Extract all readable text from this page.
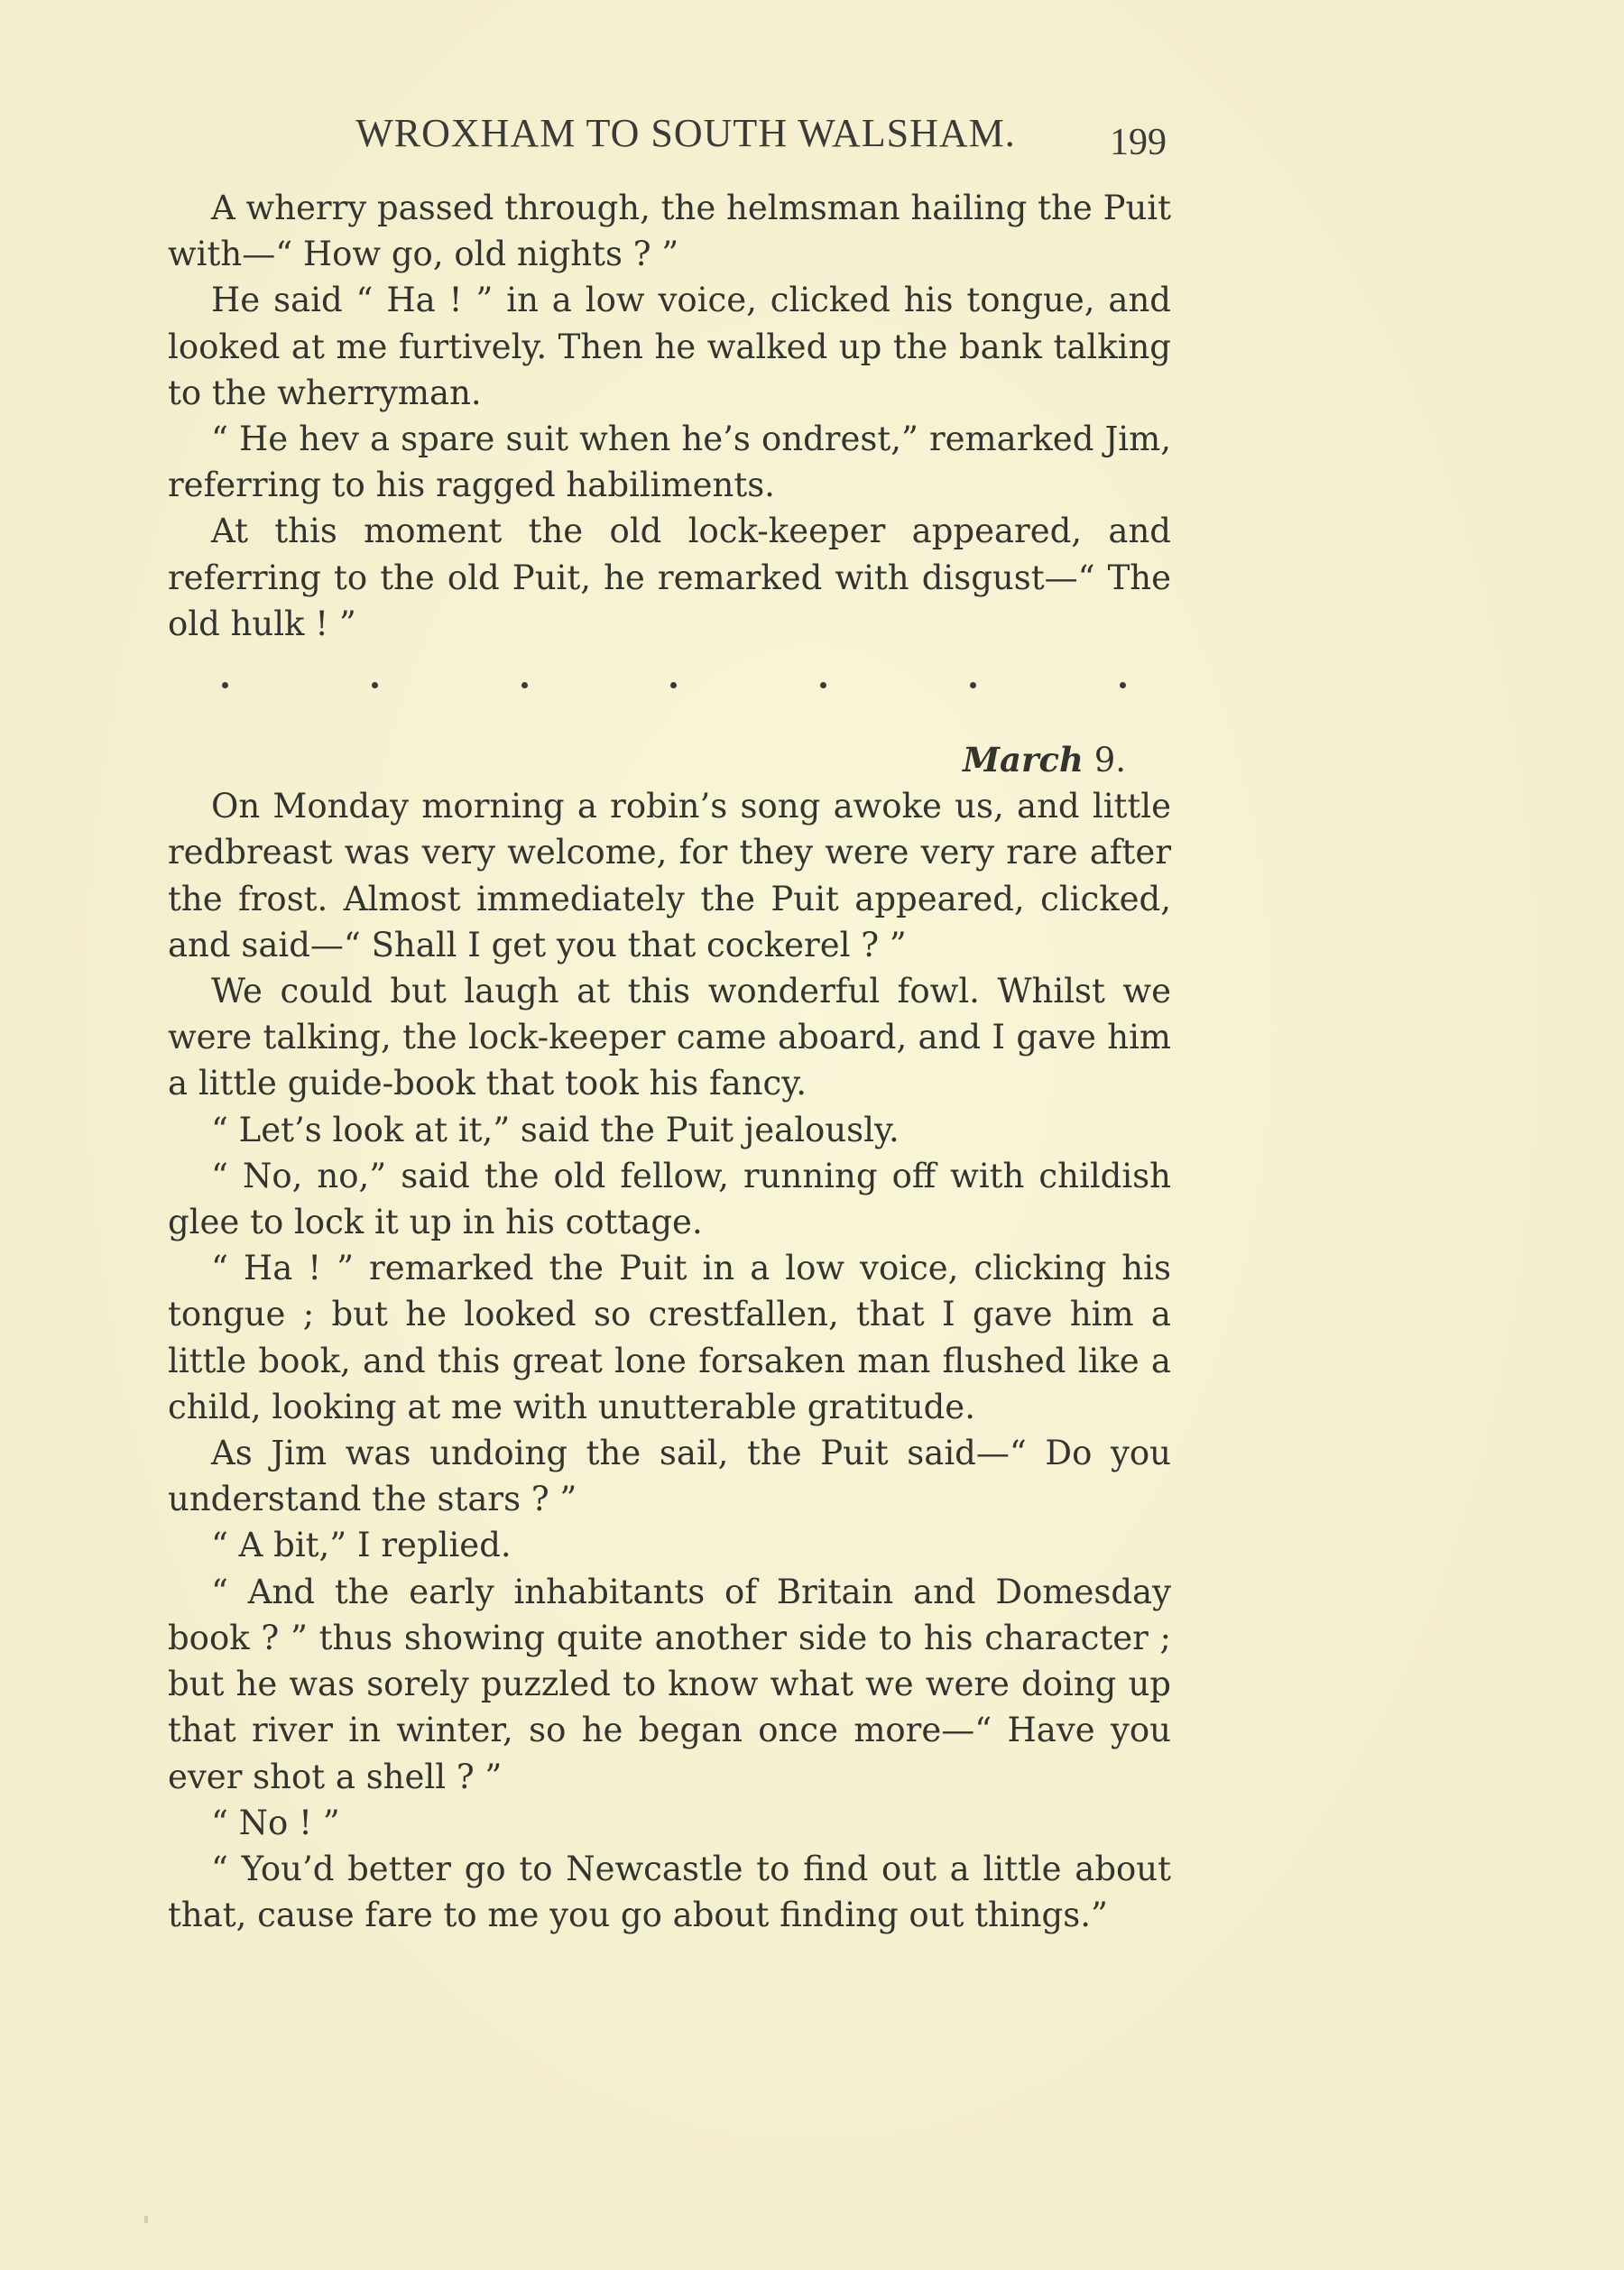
WROXHAM TO SOUTH WALSHAM.	199

A wherry passed through, the helmsman hailing the Puit with—“ How go, old nights ? ”

He said “ Ha ! ” in a low voice, clicked his tongue, and looked at me furtively. Then he walked up the bank talking to the wherryman.

“ He hev a spare suit when he’s ondrest,” remarked Jim, referring to his ragged habiliments.

At this moment the old lock-keeper appeared, and referring to the old Puit, he remarked with disgust—“ The old hulk ! ”

March 9.

On Monday morning a robin’s song awoke us, and little redbreast was very welcome, for they were very rare after the frost. Almost immediately the Puit appeared, clicked, and said—“ Shall I get you that cockerel ? ”

We could but laugh at this wonderful fowl. Whilst we were talking, the lock-keeper came aboard, and I gave him a little guide-book that took his fancy.

“ Let’s look at it,” said the Puit jealously.

“ No, no,” said the old fellow, running off with childish glee to lock it up in his cottage.

“ Ha ! ” remarked the Puit in a low voice, clicking his tongue ; but he looked so crestfallen, that I gave him a little book, and this great lone forsaken man flushed like a child, looking at me with unutterable gratitude.

As Jim was undoing the sail, the Puit said—“ Do you understand the stars ? ”

“ A bit,” I replied.

“ And the early inhabitants of Britain and Domesday book ? ” thus showing quite another side to his character ; but he was sorely puzzled to know what we were doing up that river in winter, so he began once more—“ Have you ever shot a shell ? ”

“ No ! ”

“ You’d better go to Newcastle to find out a little about that, cause fare to me you go about finding out things.”
